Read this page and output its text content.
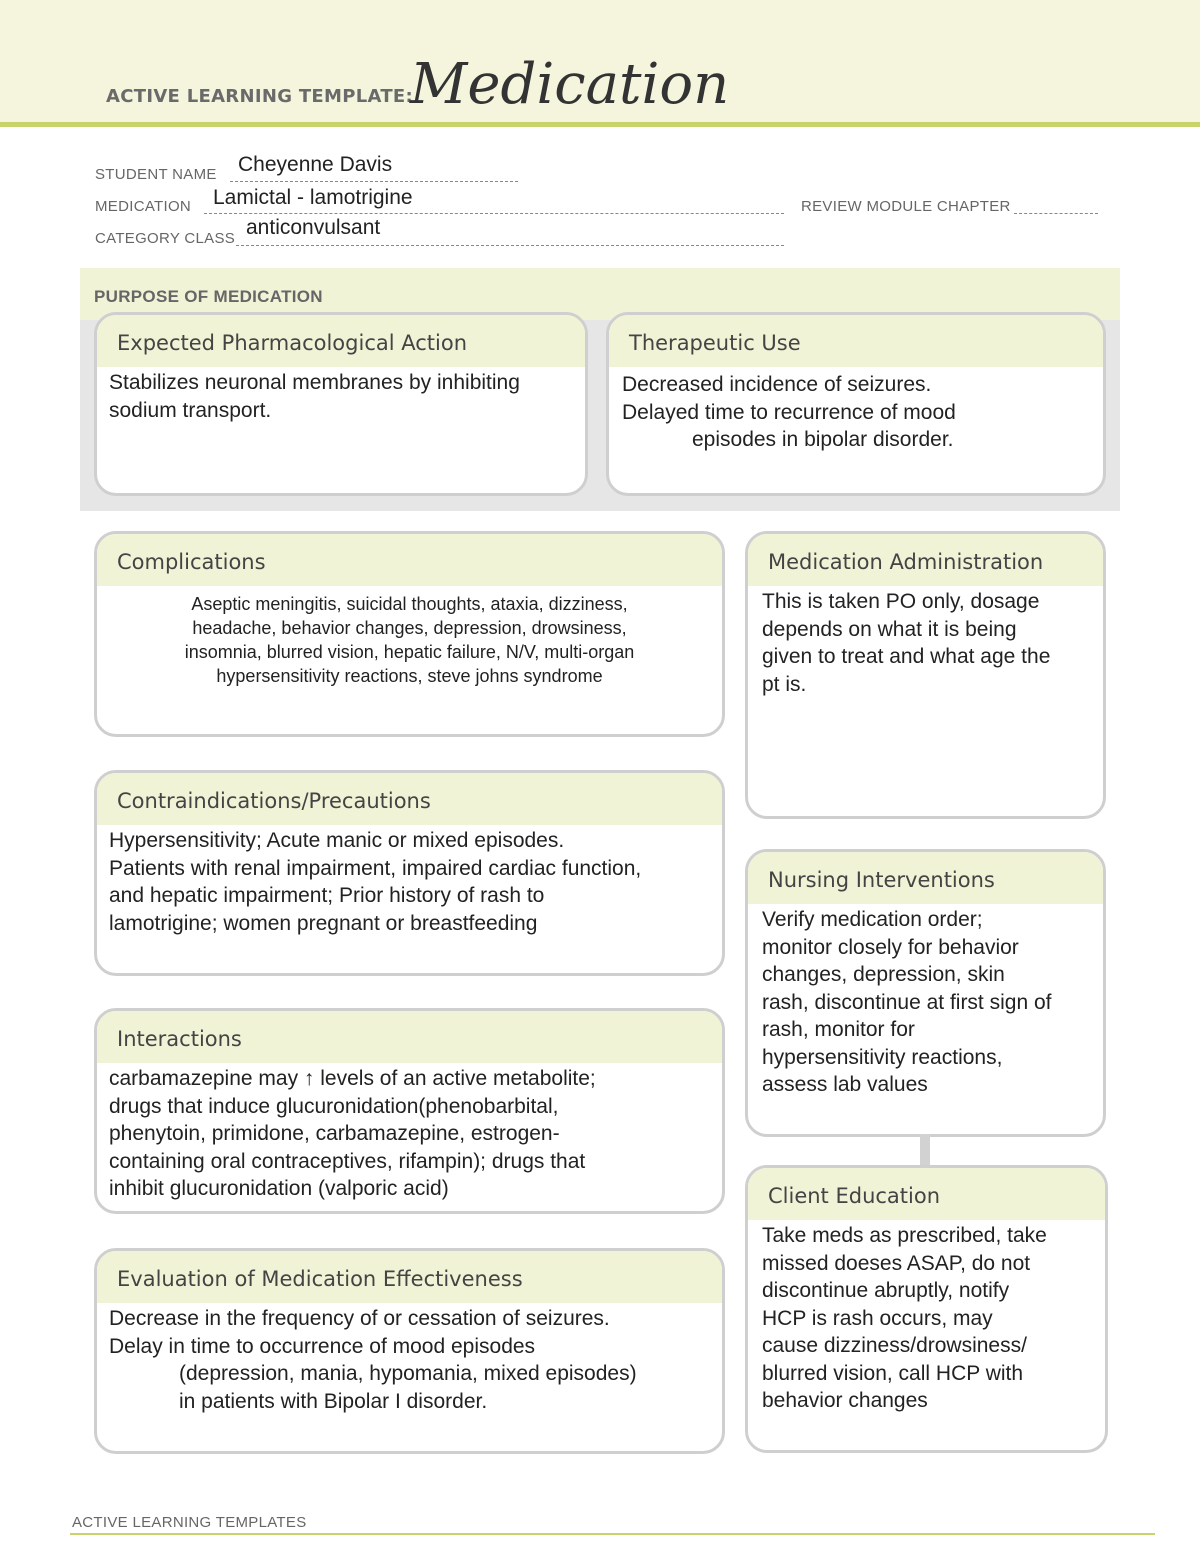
ACTIVE LEARNING TEMPLATE:
Medication
STUDENT NAME Cheyenne Davis
MEDICATION Lamictal - lamotrigine	REVIEW MODULE CHAPTER
CATEGORY CLASS anticonvulsant
PURPOSE OF MEDICATION
Expected Pharmacological Action

Stabilizes neuronal membranes by inhibiting

sodium transport.

Therapeutic Use

Decreased incidence of seizures.

Delayed time to recurrence of mood

episodes in bipolar disorder.

Complications

Aseptic meningitis, suicidal thoughts, ataxia, dizziness,

headache, behavior changes, depression, drowsiness,

insomnia, blurred vision, hepatic failure, N/V, multi-organ

hypersensitivity reactions, steve johns syndrome

Medication Administration

This is taken PO only, dosage

depends on what it is being

given to treat and what age the

pt is.

Contraindications/Precautions

Hypersensitivity; Acute manic or mixed episodes.

Patients with renal impairment, impaired cardiac function,

and hepatic impairment; Prior history of rash to

lamotrigine; women pregnant or breastfeeding

Nursing Interventions

Verify medication order;

monitor closely for behavior

changes, depression, skin

rash, discontinue at first sign of

rash, monitor for

hypersensitivity reactions,

assess lab values

Interactions

carbamazepine may ↑ levels of an active metabolite;

drugs that induce glucuronidation(phenobarbital,

phenytoin, primidone, carbamazepine, estrogen-

containing oral contraceptives, rifampin); drugs that

inhibit glucuronidation (valporic acid)	Client Education

Take meds as prescribed, take

missed doeses ASAP, do not

discontinue abruptly, notify

HCP is rash occurs, may

cause dizziness/drowsiness/

blurred vision, call HCP with

behavior changes

Evaluation of Medication Effectiveness

Decrease in the frequency of or cessation of seizures.

Delay in time to occurrence of mood episodes

(depression, mania, hypomania, mixed episodes)

in patients with Bipolar I disorder.

ACTIVE LEARNING TEMPLATES
